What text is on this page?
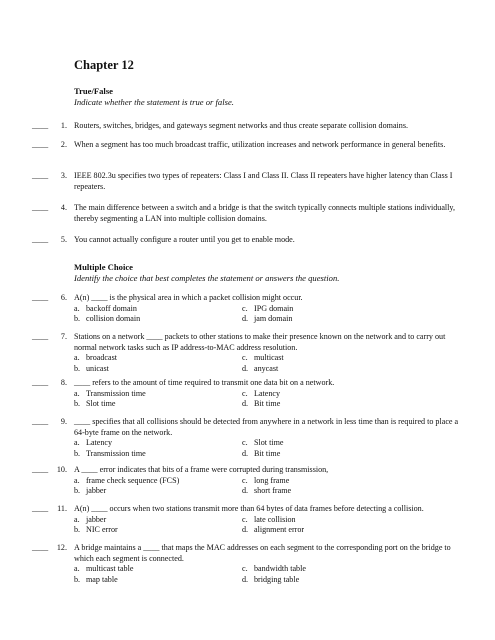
Chapter 12
True/False
Indicate whether the statement is true or false.
____	1. Routers, switches, bridges, and gateways segment networks and thus create separate collision domains.
____	2. When a segment has too much broadcast traffic, utilization increases and network performance in general benefits.
____	3. IEEE 802.3u specifies two types of repeaters: Class I and Class II. Class II repeaters have higher latency than Class I repeaters.
____	4. The main difference between a switch and a bridge is that the switch typically connects multiple stations individually, thereby segmenting a LAN into multiple collision domains.
____	5. You cannot actually configure a router until you get to enable mode.
Multiple Choice
Identify the choice that best completes the statement or answers the question.
____	6. A(n) ____ is the physical area in which a packet collision might occur.
a. backoff domain	c. IPG domain
b. collision domain	d. jam domain
____	7. Stations on a network ____ packets to other stations to make their presence known on the network and to carry out normal network tasks such as IP address-to-MAC address resolution.
a. broadcast	c. multicast
b. unicast	d. anycast
____	8. ____ refers to the amount of time required to transmit one data bit on a network.
a. Transmission time	c. Latency
b. Slot time	d. Bit time
____	9. ____ specifies that all collisions should be detected from anywhere in a network in less time than is required to place a 64-byte frame on the network.
a. Latency	c. Slot time
b. Transmission time	d. Bit time
____	10. A ____ error indicates that bits of a frame were corrupted during transmission,
a. frame check sequence (FCS)	c. long frame
b. jabber	d. short frame
____	11. A(n) ____ occurs when two stations transmit more than 64 bytes of data frames before detecting a collision.
a. jabber	c. late collision
b. NIC error	d. alignment error
____	12. A bridge maintains a ____ that maps the MAC addresses on each segment to the corresponding port on the bridge to which each segment is connected.
a. multicast table	c. bandwidth table
b. map table	d. bridging table
